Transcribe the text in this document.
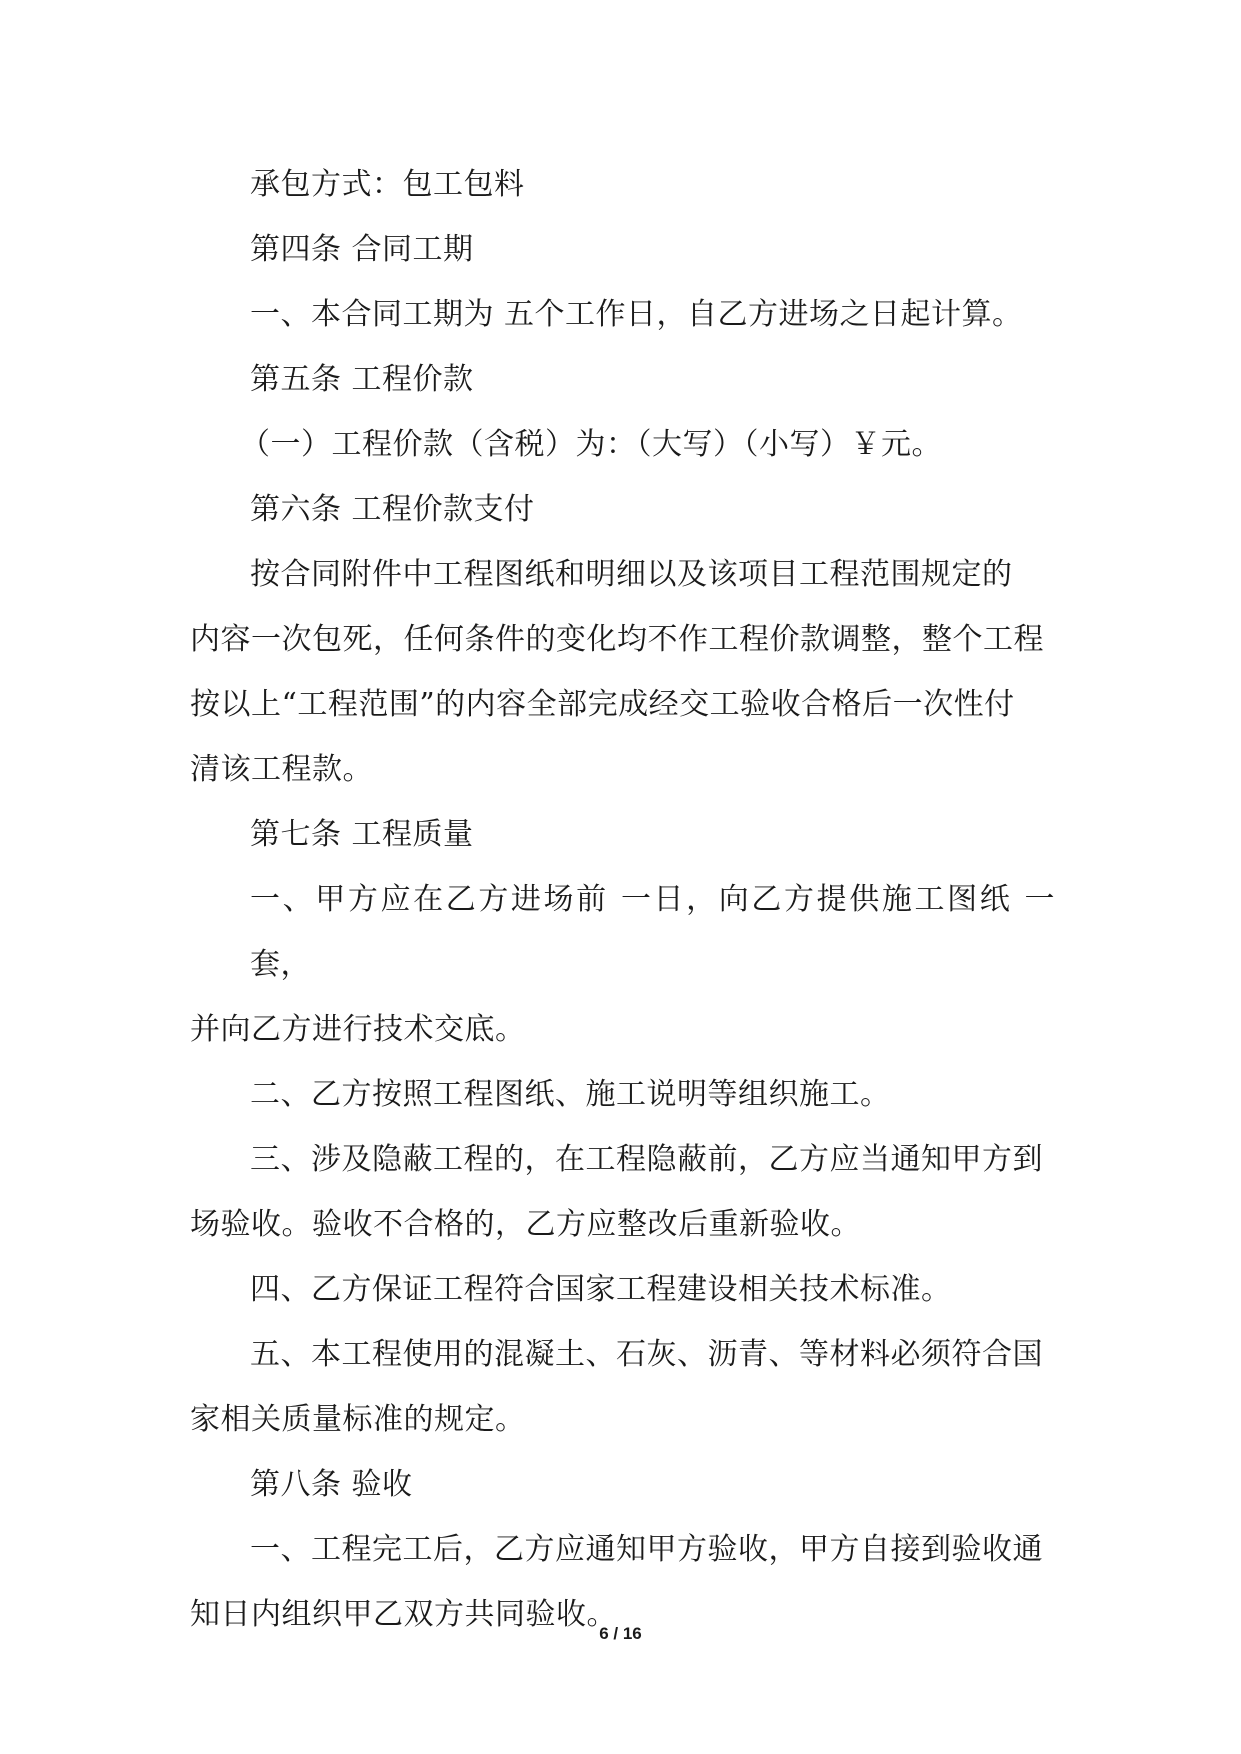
承包方式：包工包料

第四条 合同工期

一、本合同工期为 五个工作日，自乙方进场之日起计算。

第五条 工程价款

（一）工程价款（含税）为：（大写）（小写）￥元。

第六条 工程价款支付

按合同附件中工程图纸和明细以及该项目工程范围规定的
内容一次包死，任何条件的变化均不作工程价款调整，整个工程
按以上“工程范围”的内容全部完成经交工验收合格后一次性付
清该工程款。

第七条 工程质量

一、甲方应在乙方进场前 一日，向乙方提供施工图纸 一 套，
并向乙方进行技术交底。

二、乙方按照工程图纸、施工说明等组织施工。

三、涉及隐蔽工程的，在工程隐蔽前，乙方应当通知甲方到
场验收。验收不合格的，乙方应整改后重新验收。

四、乙方保证工程符合国家工程建设相关技术标准。

五、本工程使用的混凝土、石灰、沥青、等材料必须符合国
家相关质量标准的规定。

第八条 验收

一、工程完工后，乙方应通知甲方验收，甲方自接到验收通
知日内组织甲乙双方共同验收。

6 / 16
